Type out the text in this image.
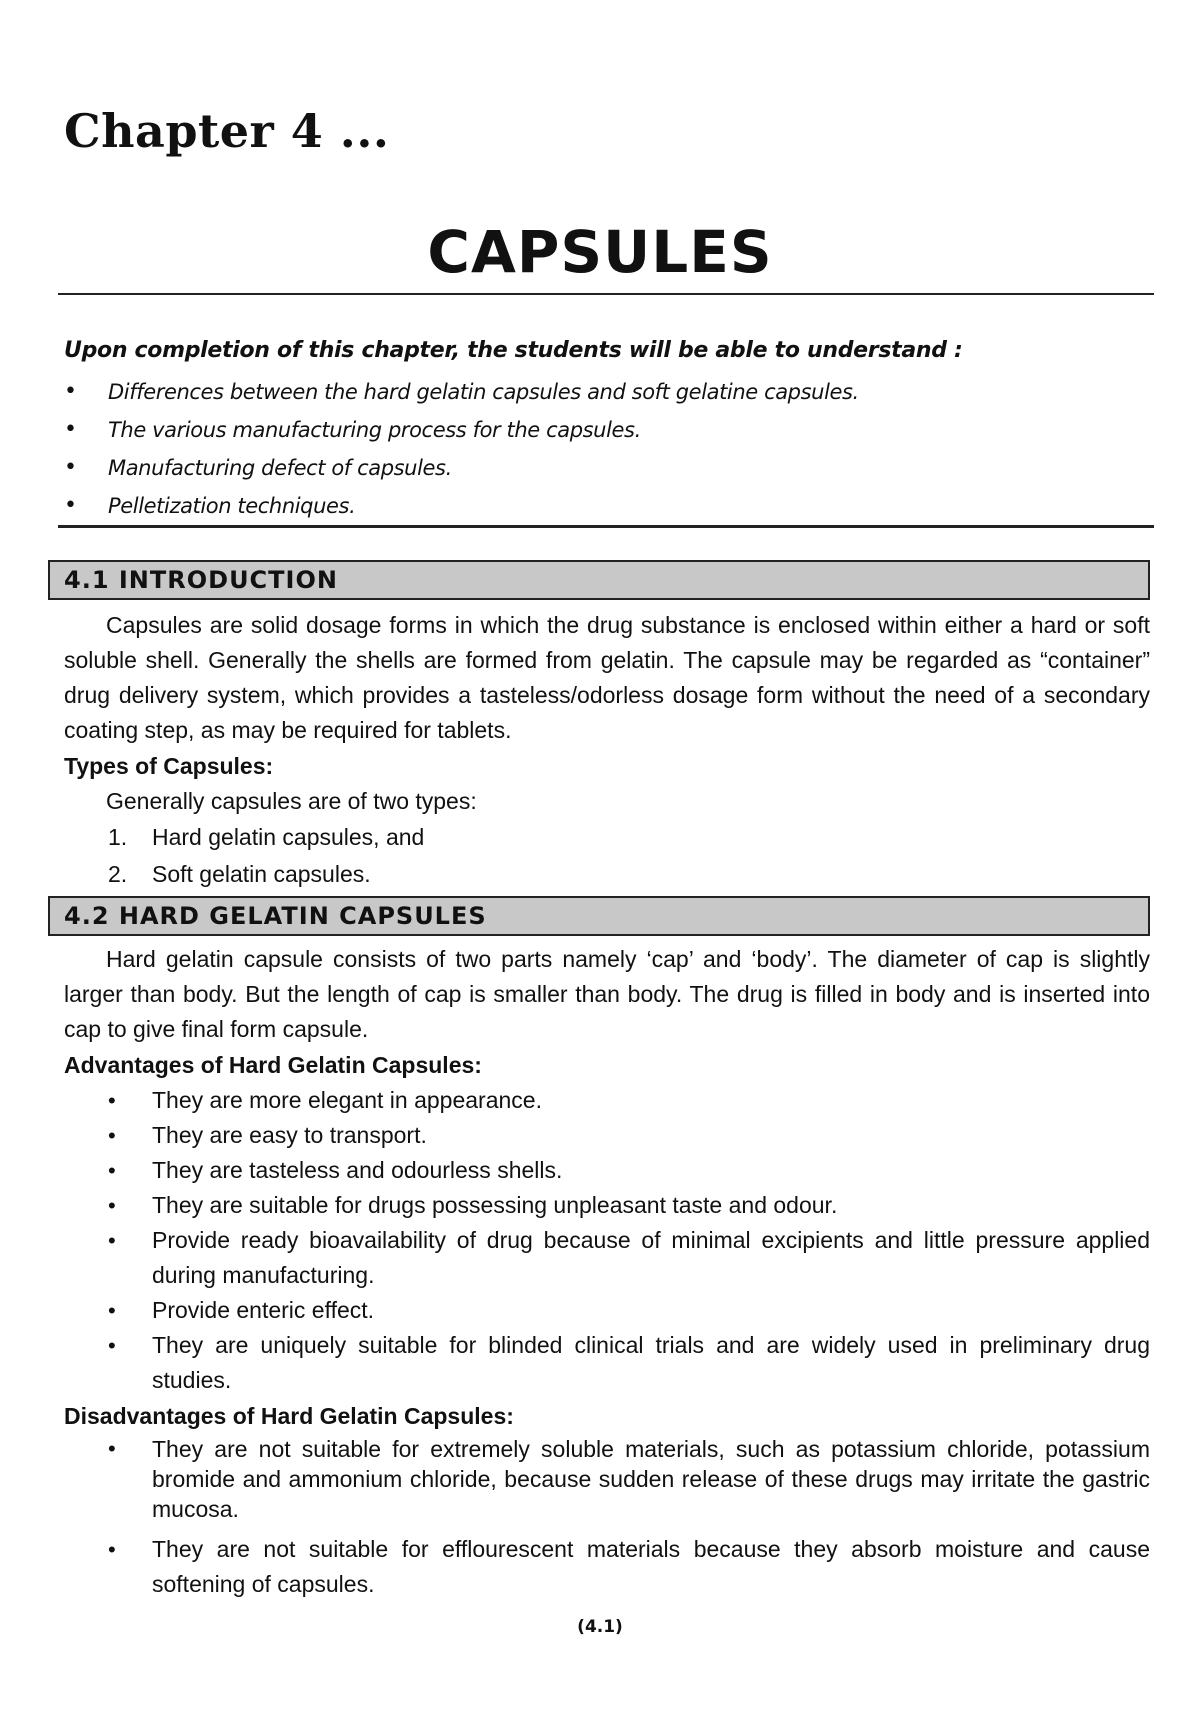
Chapter 4 ...
CAPSULES

Upon completion of this chapter, the students will be able to understand :

• Differences between the hard gelatin capsules and soft gelatine capsules.
• The various manufacturing process for the capsules.
• Manufacturing defect of capsules.
• Pelletization techniques.
4.1 INTRODUCTION

Capsules are solid dosage forms in which the drug substance is enclosed within either a hard or soft soluble shell. Generally the shells are formed from gelatin. The capsule may be regarded as “container” drug delivery system, which provides a tasteless/odorless dosage form without the need of a secondary coating step, as may be required for tablets.

Types of Capsules:

Generally capsules are of two types:

1. Hard gelatin capsules, and
2. Soft gelatin capsules.
4.2 HARD GELATIN CAPSULES

Hard gelatin capsule consists of two parts namely ‘cap’ and ‘body’. The diameter of cap is slightly larger than body. But the length of cap is smaller than body. The drug is filled in body and is inserted into cap to give final form capsule.

Advantages of Hard Gelatin Capsules:

• They are more elegant in appearance.
• They are easy to transport.
• They are tasteless and odourless shells.
• They are suitable for drugs possessing unpleasant taste and odour.
• Provide ready bioavailability of drug because of minimal excipients and little pressure applied during manufacturing.
• Provide enteric effect.
• They are uniquely suitable for blinded clinical trials and are widely used in preliminary drug studies.

Disadvantages of Hard Gelatin Capsules:

• They are not suitable for extremely soluble materials, such as potassium chloride, potassium bromide and ammonium chloride, because sudden release of these drugs may irritate the gastric mucosa.
• They are not suitable for efflourescent materials because they absorb moisture and cause softening of capsules.

(4.1)
